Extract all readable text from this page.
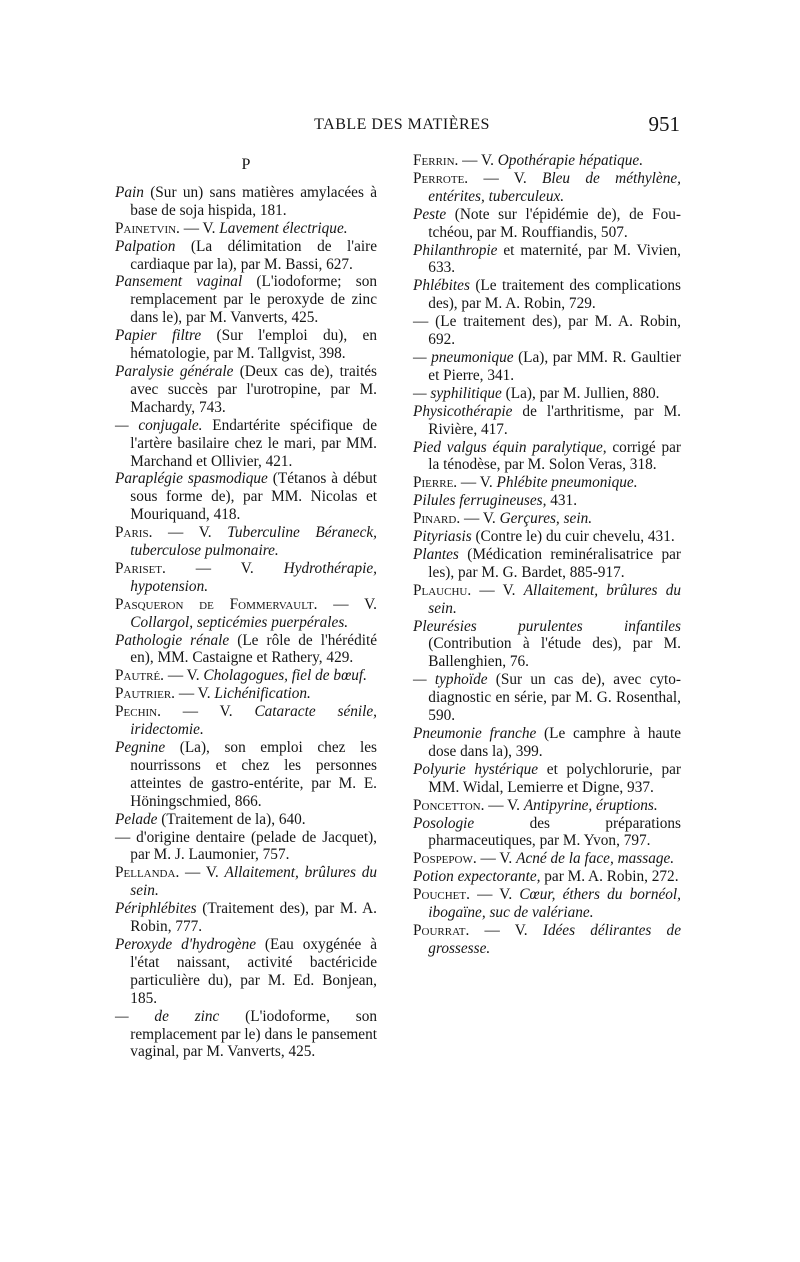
TABLE DES MATIÈRES	951
P

Pain (Sur un) sans matières amylacées à base de soja hispida, 181.

Painetvin. — V. Lavement électrique.

Palpation (La délimitation de l'aire cardiaque par la), par M. Bassi, 627.

Pansement vaginal (L'iodoforme; son remplacement par le peroxyde de zinc dans le), par M. Vanverts, 425.

Papier filtre (Sur l'emploi du), en hématologie, par M. Tallgvist, 398.

Paralysie générale (Deux cas de), traités avec succès par l'urotropine, par M. Machardy, 743.

— conjugale. Endartérite spécifique de l'artère basilaire chez le mari, par MM. Marchand et Ollivier, 421.

Paraplégie spasmodique (Tétanos à début sous forme de), par MM. Nicolas et Mouriquand, 418.

Paris. — V. Tuberculine Béraneck, tuberculose pulmonaire.

Pariset. — V. Hydrothérapie, hypotension.

Pasqueron de Fommervault. — V. Collargol, septicémies puerpérales.

Pathologie rénale (Le rôle de l'hérédité en), MM. Castaigne et Rathery, 429.

Pautré. — V. Cholagogues, fiel de bœuf.

Pautrier. — V. Lichénification.

Pechin. — V. Cataracte sénile, iridectomie.

Pegnine (La), son emploi chez les nourrissons et chez les personnes atteintes de gastro-entérite, par M. E. Höningschmied, 866.

Pelade (Traitement de la), 640.

— d'origine dentaire (pelade de Jacquet), par M. J. Laumonier, 757.

Pellanda. — V. Allaitement, brûlures du sein.

Périphlébites (Traitement des), par M. A. Robin, 777.

Peroxyde d'hydrogène (Eau oxygénée à l'état naissant, activité bactéricide particulière du), par M. Ed. Bonjean, 185.

— de zinc (L'iodoforme, son remplacement par le) dans le pansement vaginal, par M. Vanverts, 425.

Ferrin. — V. Opothérapie hépatique.

Perrote. — V. Bleu de méthylène, entérites, tuberculeux.

Peste (Note sur l'épidémie de), de Fou-tchéou, par M. Rouffiandis, 507.

Philanthropie et maternité, par M. Vivien, 633.

Phlébites (Le traitement des complications des), par M. A. Robin, 729.

— (Le traitement des), par M. A. Robin, 692.

— pneumonique (La), par MM. R. Gaultier et Pierre, 341.

— syphilitique (La), par M. Jullien, 880.

Physicothérapie de l'arthritisme, par M. Rivière, 417.

Pied valgus équin paralytique, corrigé par la ténodèse, par M. Solon Veras, 318.

Pierre. — V. Phlébite pneumonique.

Pilules ferrugineuses, 431.

Pinard. — V. Gerçures, sein.

Pityriasis (Contre le) du cuir chevelu, 431.

Plantes (Médication reminéralisatrice par les), par M. G. Bardet, 885-917.

Plauchu. — V. Allaitement, brûlures du sein.

Pleurésies purulentes infantiles (Contribution à l'étude des), par M. Ballenghien, 76.

— typhoïde (Sur un cas de), avec cyto-diagnostic en série, par M. G. Rosenthal, 590.

Pneumonie franche (Le camphre à haute dose dans la), 399.

Polyurie hystérique et polychlorurie, par MM. Widal, Lemierre et Digne, 937.

Poncetton. — V. Antipyrine, éruptions.

Posologie des préparations pharmaceutiques, par M. Yvon, 797.

Pospepow. — V. Acné de la face, massage.

Potion expectorante, par M. A. Robin, 272.

Pouchet. — V. Cœur, éthers du bornéol, ibogaïne, suc de valériane.

Pourrat. — V. Idées délirantes de grossesse.
